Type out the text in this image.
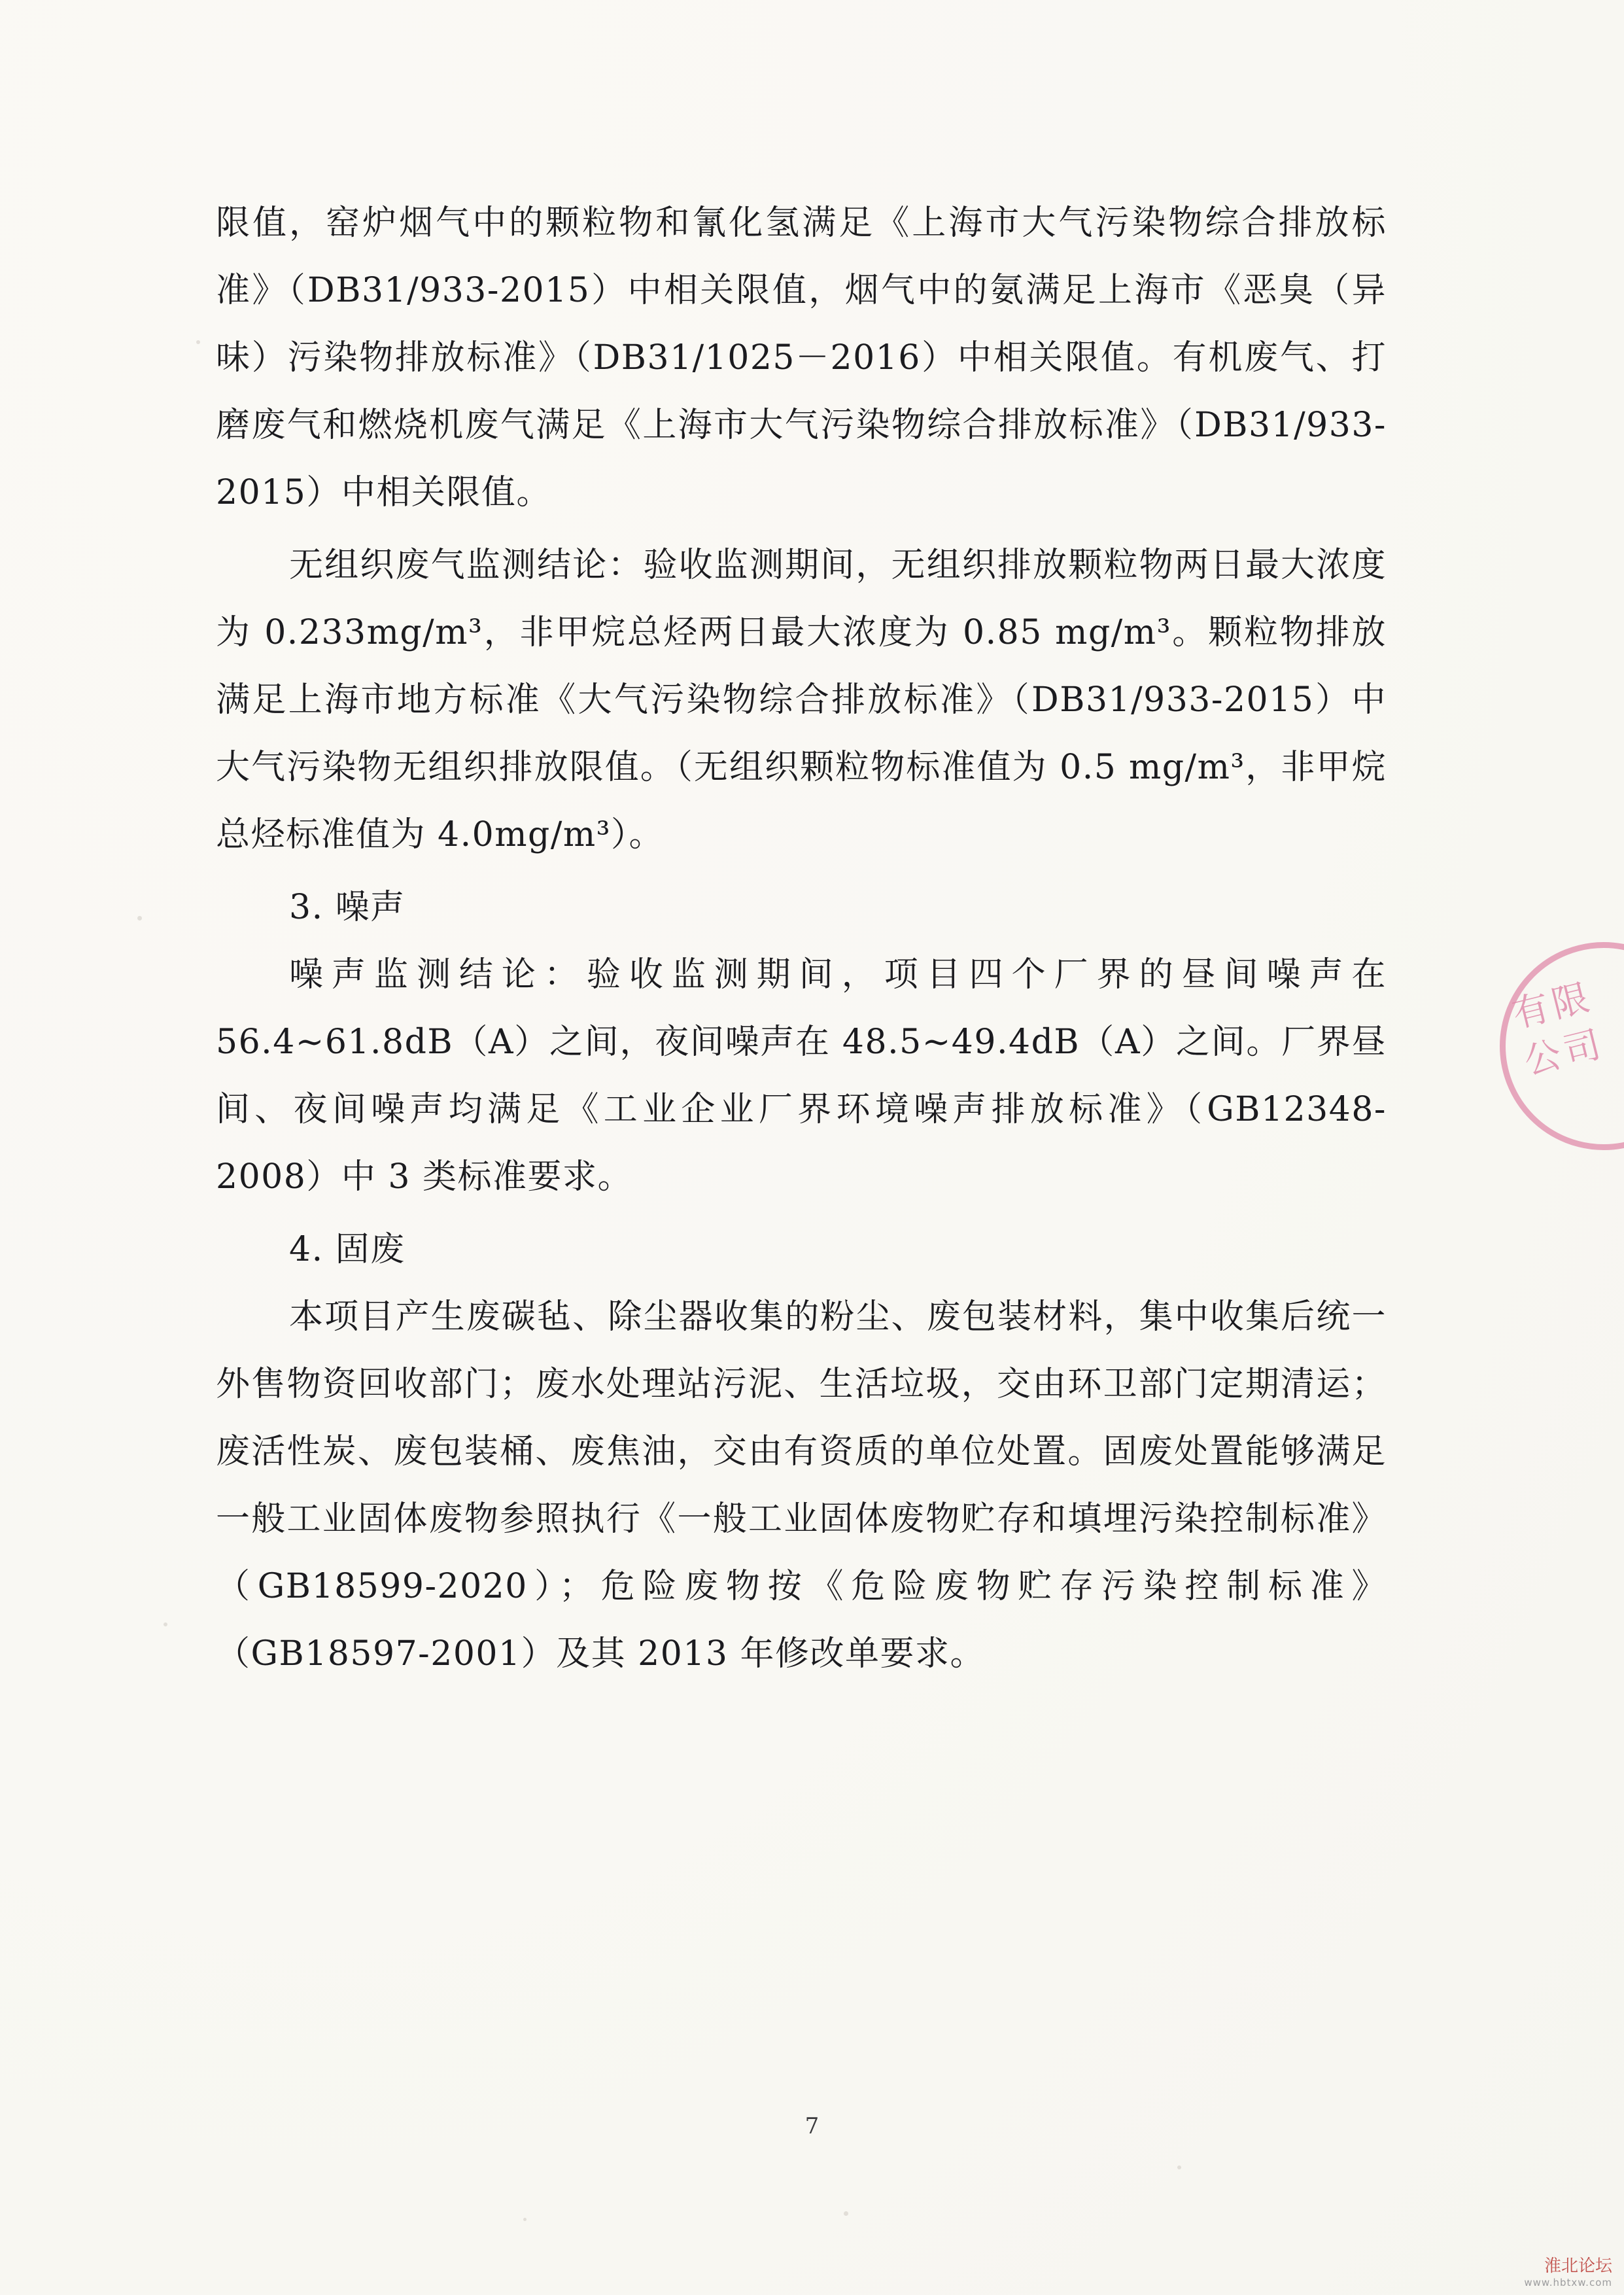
限值，窑炉烟气中的颗粒物和氰化氢满足《上海市大气污染物综合排放标准》（DB31/933-2015）中相关限值，烟气中的氨满足上海市《恶臭（异味）污染物排放标准》（DB31/1025－2016）中相关限值。有机废气、打磨废气和燃烧机废气满足《上海市大气污染物综合排放标准》（DB31/933-2015）中相关限值。

无组织废气监测结论：验收监测期间，无组织排放颗粒物两日最大浓度为 0.233mg/m³，非甲烷总烃两日最大浓度为 0.85 mg/m³。颗粒物排放满足上海市地方标准《大气污染物综合排放标准》（DB31/933-2015）中大气污染物无组织排放限值。（无组织颗粒物标准值为 0.5 mg/m³，非甲烷总烃标准值为 4.0mg/m³）。

3. 噪声

噪声监测结论：验收监测期间，项目四个厂界的昼间噪声在 56.4~61.8dB（A）之间，夜间噪声在 48.5~49.4dB（A）之间。厂界昼间、夜间噪声均满足《工业企业厂界环境噪声排放标准》（GB12348-2008）中 3 类标准要求。

4. 固废

本项目产生废碳毡、除尘器收集的粉尘、废包装材料，集中收集后统一外售物资回收部门；废水处理站污泥、生活垃圾，交由环卫部门定期清运；废活性炭、废包装桶、废焦油，交由有资质的单位处置。固废处置能够满足一般工业固体废物参照执行《一般工业固体废物贮存和填埋污染控制标准》（GB18599-2020）；危险废物按《危险废物贮存污染控制标准》（GB18597-2001）及其 2013 年修改单要求。

有限
公司
7
淮北论坛
www.hbtxw.com
